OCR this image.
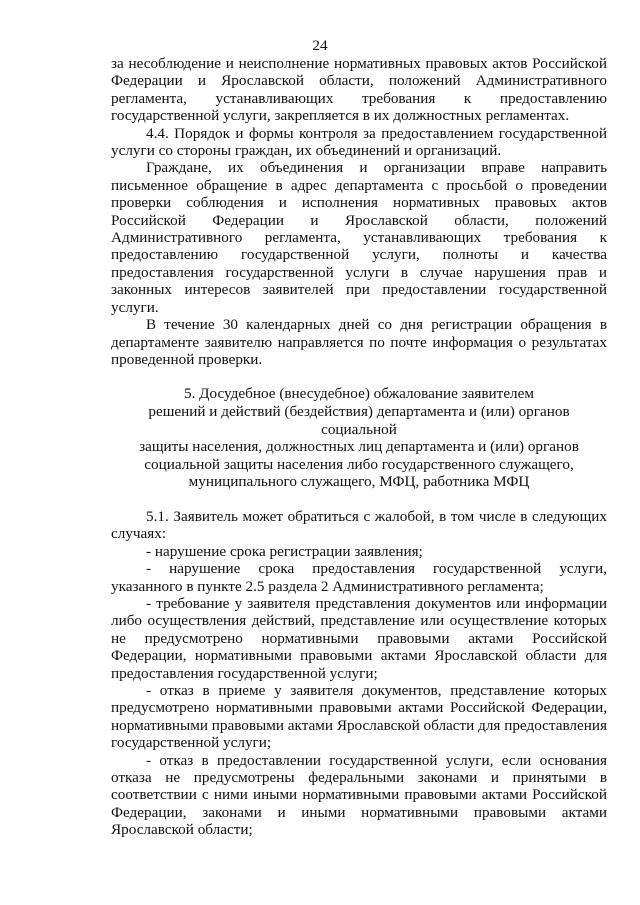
24

за несоблюдение и неисполнение нормативных правовых актов Российской Федерации и Ярославской области, положений Административного регламента, устанавливающих требования к предоставлению государственной услуги, закрепляется в их должностных регламентах.

4.4. Порядок и формы контроля за предоставлением государственной услуги со стороны граждан, их объединений и организаций.

Граждане, их объединения и организации вправе направить письменное обращение в адрес департамента с просьбой о проведении проверки соблюдения и исполнения нормативных правовых актов Российской Федерации и Ярославской области, положений Административного регламента, устанавливающих требования к предоставлению государственной услуги, полноты и качества предоставления государственной услуги в случае нарушения прав и законных интересов заявителей при предоставлении государственной услуги.

В течение 30 календарных дней со дня регистрации обращения в департаменте заявителю направляется по почте информация о результатах проведенной проверки.

5. Досудебное (внесудебное) обжалование заявителем
решений и действий (бездействия) департамента и (или) органов социальной
защиты населения, должностных лиц департамента и (или) органов
социальной защиты населения либо государственного служащего,
муниципального служащего, МФЦ, работника МФЦ

5.1. Заявитель может обратиться с жалобой, в том числе в следующих случаях:

- нарушение срока регистрации заявления;

- нарушение срока предоставления государственной услуги, указанного в пункте 2.5 раздела 2 Административного регламента;

- требование у заявителя представления документов или информации либо осуществления действий, представление или осуществление которых не предусмотрено нормативными правовыми актами Российской Федерации, нормативными правовыми актами Ярославской области для предоставления государственной услуги;

- отказ в приеме у заявителя документов, представление которых предусмотрено нормативными правовыми актами Российской Федерации, нормативными правовыми актами Ярославской области для предоставления государственной услуги;

- отказ в предоставлении государственной услуги, если основания отказа не предусмотрены федеральными законами и принятыми в соответствии с ними иными нормативными правовыми актами Российской Федерации, законами и иными нормативными правовыми актами Ярославской области;
